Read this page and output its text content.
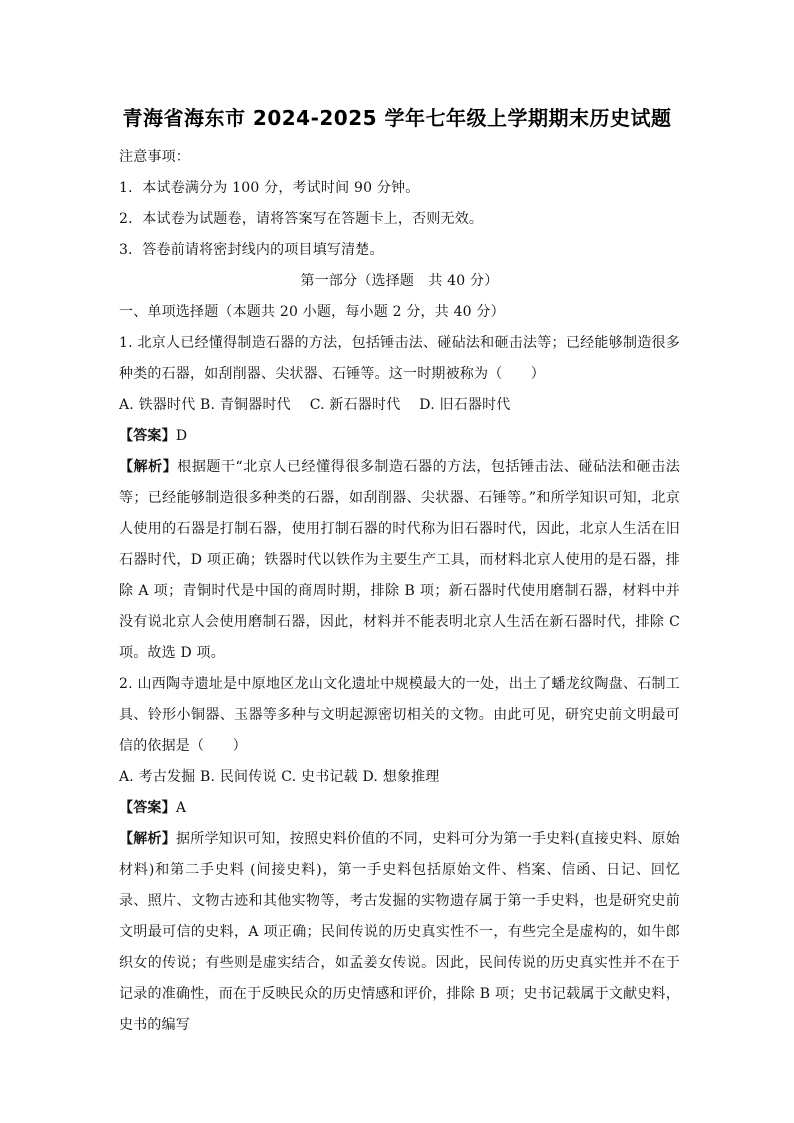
青海省海东市 2024-2025 学年七年级上学期期末历史试题
注意事项：
1．本试卷满分为 100 分，考试时间 90 分钟。
2．本试卷为试题卷，请将答案写在答题卡上，否则无效。
3．答卷前请将密封线内的项目填写清楚。
第一部分（选择题　共 40 分）
一、单项选择题（本题共 20 小题，每小题 2 分，共 40 分）
1. 北京人已经懂得制造石器的方法，包括锤击法、碰砧法和砸击法等；已经能够制造很多种类的石器，如刮削器、尖状器、石锤等。这一时期被称为（　　）
A. 铁器时代 B. 青铜器时代　 C. 新石器时代　 D. 旧石器时代
【答案】D
【解析】根据题干“北京人已经懂得很多制造石器的方法，包括锤击法、碰砧法和砸击法等；已经能够制造很多种类的石器，如刮削器、尖状器、石锤等。”和所学知识可知，北京人使用的石器是打制石器，使用打制石器的时代称为旧石器时代，因此，北京人生活在旧石器时代，D 项正确；铁器时代以铁作为主要生产工具，而材料北京人使用的是石器，排除 A 项；青铜时代是中国的商周时期，排除 B 项；新石器时代使用磨制石器，材料中并没有说北京人会使用磨制石器，因此，材料并不能表明北京人生活在新石器时代，排除 C 项。故选 D 项。
2. 山西陶寺遗址是中原地区龙山文化遗址中规模最大的一处，出土了蟠龙纹陶盘、石制工具、铃形小铜器、玉器等多种与文明起源密切相关的文物。由此可见，研究史前文明最可信的依据是（　　）
A. 考古发掘 B. 民间传说 C. 史书记载 D. 想象推理
【答案】A
【解析】据所学知识可知，按照史料价值的不同，史料可分为第一手史料(直接史料、原始材料)和第二手史料 (间接史料)，第一手史料包括原始文件、档案、信函、日记、回忆录、照片、文物古迹和其他实物等，考古发掘的实物遗存属于第一手史料，也是研究史前文明最可信的史料，A 项正确；民间传说的历史真实性不一，有些完全是虚构的，如牛郎织女的传说；有些则是虚实结合，如孟姜女传说。因此，民间传说的历史真实性并不在于记录的准确性，而在于反映民众的历史情感和评价，排除 B 项；史书记载属于文献史料，史书的编写
